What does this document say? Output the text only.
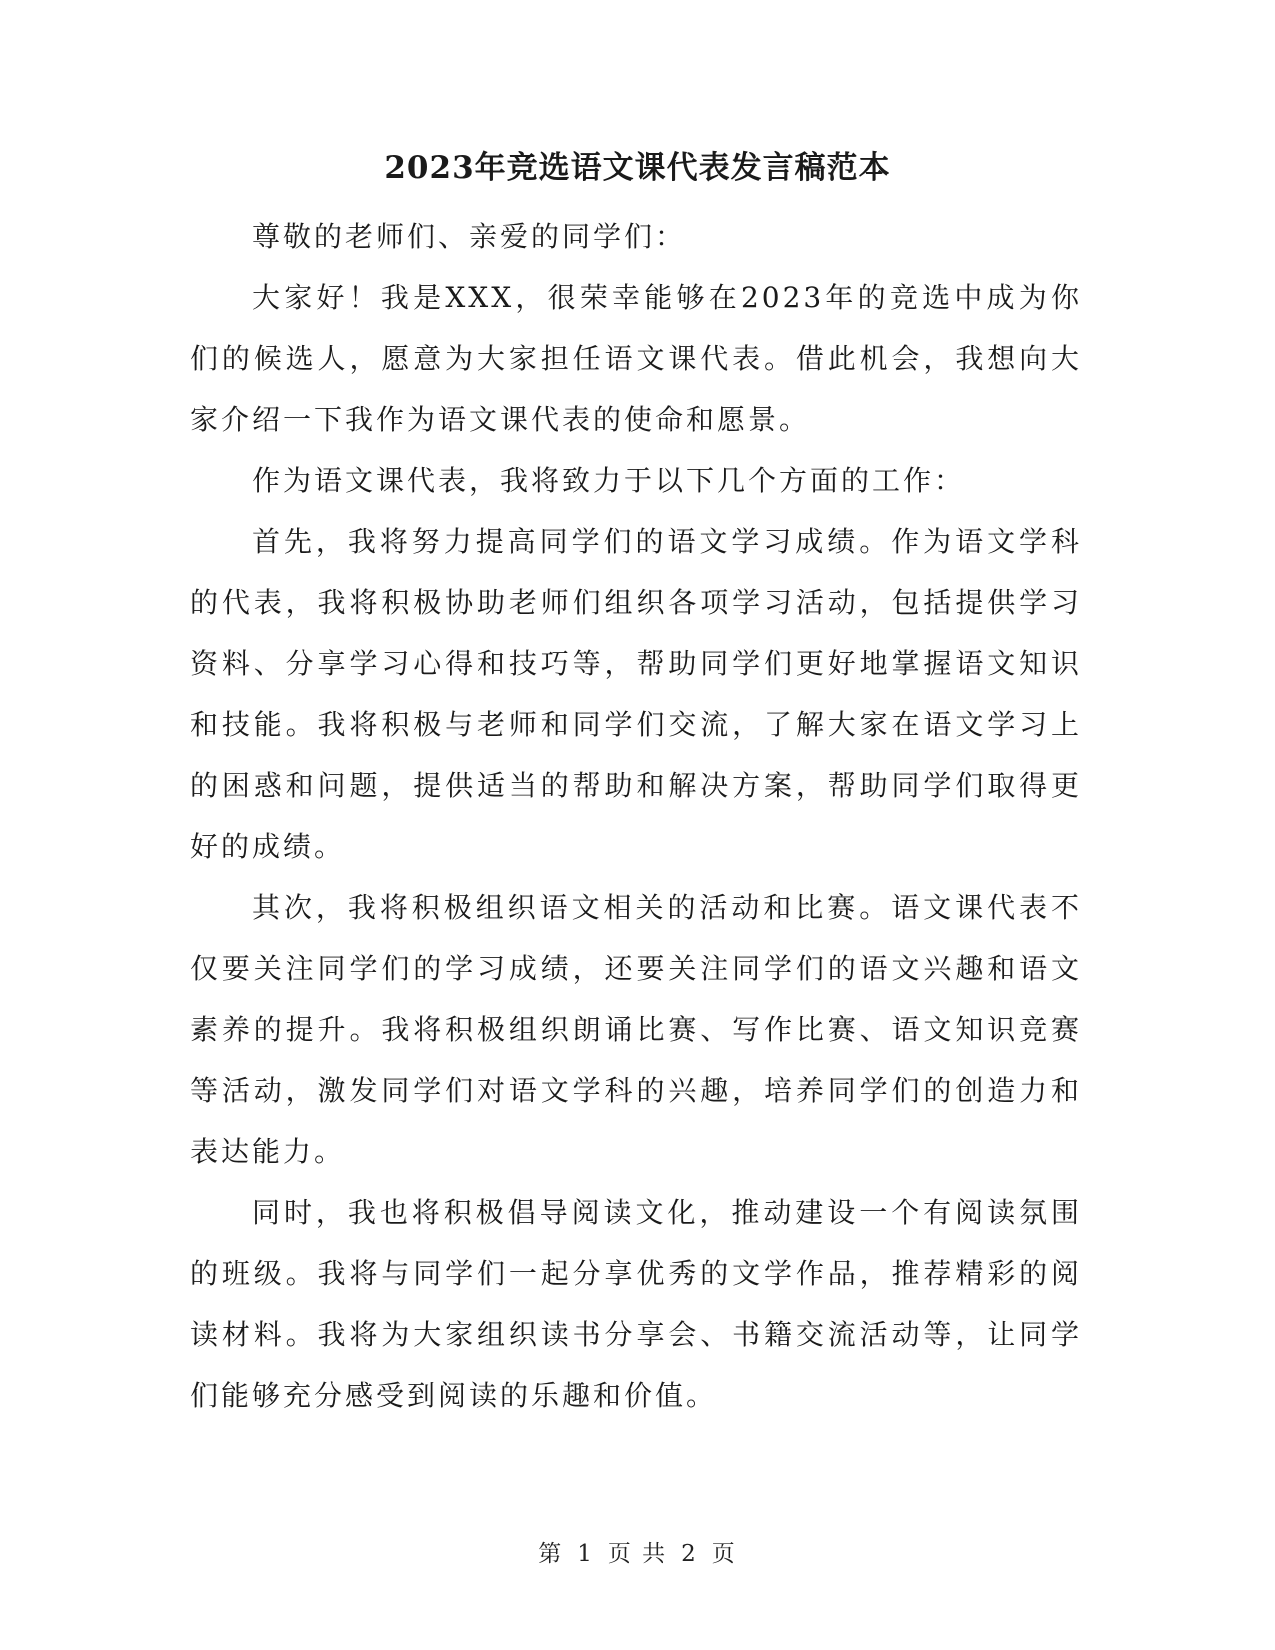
2023年竞选语文课代表发言稿范本

尊敬的老师们、亲爱的同学们：

大家好！我是XXX，很荣幸能够在2023年的竞选中成为你们的候选人，愿意为大家担任语文课代表。借此机会，我想向大家介绍一下我作为语文课代表的使命和愿景。

作为语文课代表，我将致力于以下几个方面的工作：

首先，我将努力提高同学们的语文学习成绩。作为语文学科的代表，我将积极协助老师们组织各项学习活动，包括提供学习资料、分享学习心得和技巧等，帮助同学们更好地掌握语文知识和技能。我将积极与老师和同学们交流，了解大家在语文学习上的困惑和问题，提供适当的帮助和解决方案，帮助同学们取得更好的成绩。

其次，我将积极组织语文相关的活动和比赛。语文课代表不仅要关注同学们的学习成绩，还要关注同学们的语文兴趣和语文素养的提升。我将积极组织朗诵比赛、写作比赛、语文知识竞赛等活动，激发同学们对语文学科的兴趣，培养同学们的创造力和表达能力。

同时，我也将积极倡导阅读文化，推动建设一个有阅读氛围的班级。我将与同学们一起分享优秀的文学作品，推荐精彩的阅读材料。我将为大家组织读书分享会、书籍交流活动等，让同学们能够充分感受到阅读的乐趣和价值。

第 1 页 共 2 页
